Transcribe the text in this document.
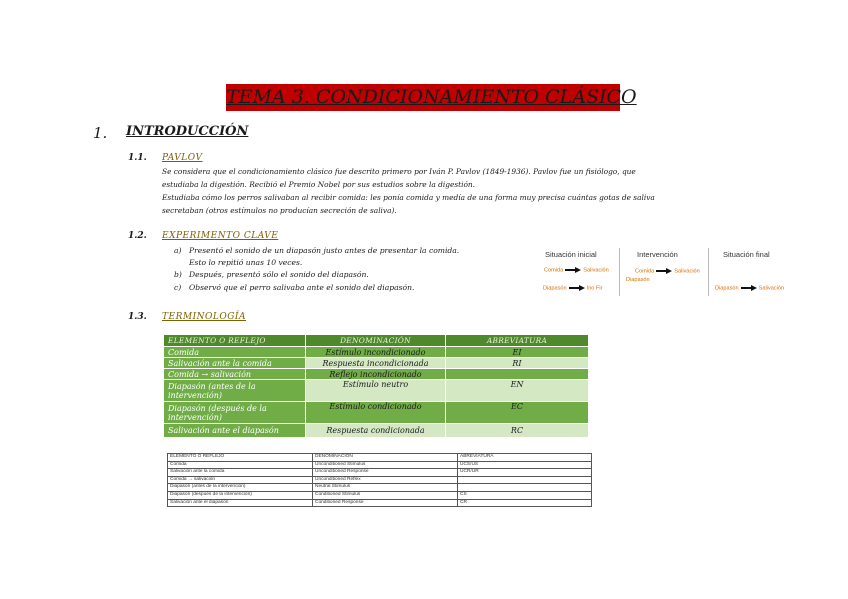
TEMA 3. CONDICIONAMIENTO CLÁSICO
1. INTRODUCCIÓN
1.1. PAVLOV
Se considera que el condicionamiento clásico fue descrito primero por Iván P. Pavlov (1849-1936). Pavlov fue un fisiólogo, que
estudiaba la digestión. Recibió el Premio Nobel por sus estudios sobre la digestión.
Estudiaba cómo los perros salivaban al recibir comida: les ponía comida y medía de una forma muy precisa cuántas gotas de saliva
secretaban (otros estímulos no producían secreción de saliva).
1.2. EXPERIMENTO CLAVE
a) Presentó el sonido de un diapasón justo antes de presentar la comida.
Esto lo repitió unas 10 veces.
b) Después, presentó sólo el sonido del diapasón.
c) Observó que el perro salivaba ante el sonido del diapasón.
Situación inicial	Intervención	Situación final
Comida	Salivación
Diapasón	Ino Fir
Comida	Salivación
Diapasón
Diapasón	Salivación
1.3. TERMINOLOGÍA
ELEMENTO O REFLEJO	DENOMINACIÓN	ABREVIATURA
Comida	Estímulo incondicionado	EI
Salivación ante la comida	Respuesta incondicionada	RI
Comida → salivación	Reflejo incondicionado	
Diapasón (antes de la intervención)	Estímulo neutro	EN
Diapasón (después de la intervención)	Estímulo condicionado	EC
Salivación ante el diapasón	Respuesta condicionada	RC
ELEMENTO O REFLEJO	DENOMINACIÓN	ABREVIATURA
Comida	Unconditioned Stimulus	UCS/US
Salivación ante la comida	Unconditioned Response	UCR/UR
Comida → salivación	Unconditioned Reflex	
Diapasón (antes de la intervención)	Neutral Stimulus	
Diapasón (después de la intervención)	Conditioned Stimulus	CS
Salivación ante el diapasón	Conditioned Response	CR
